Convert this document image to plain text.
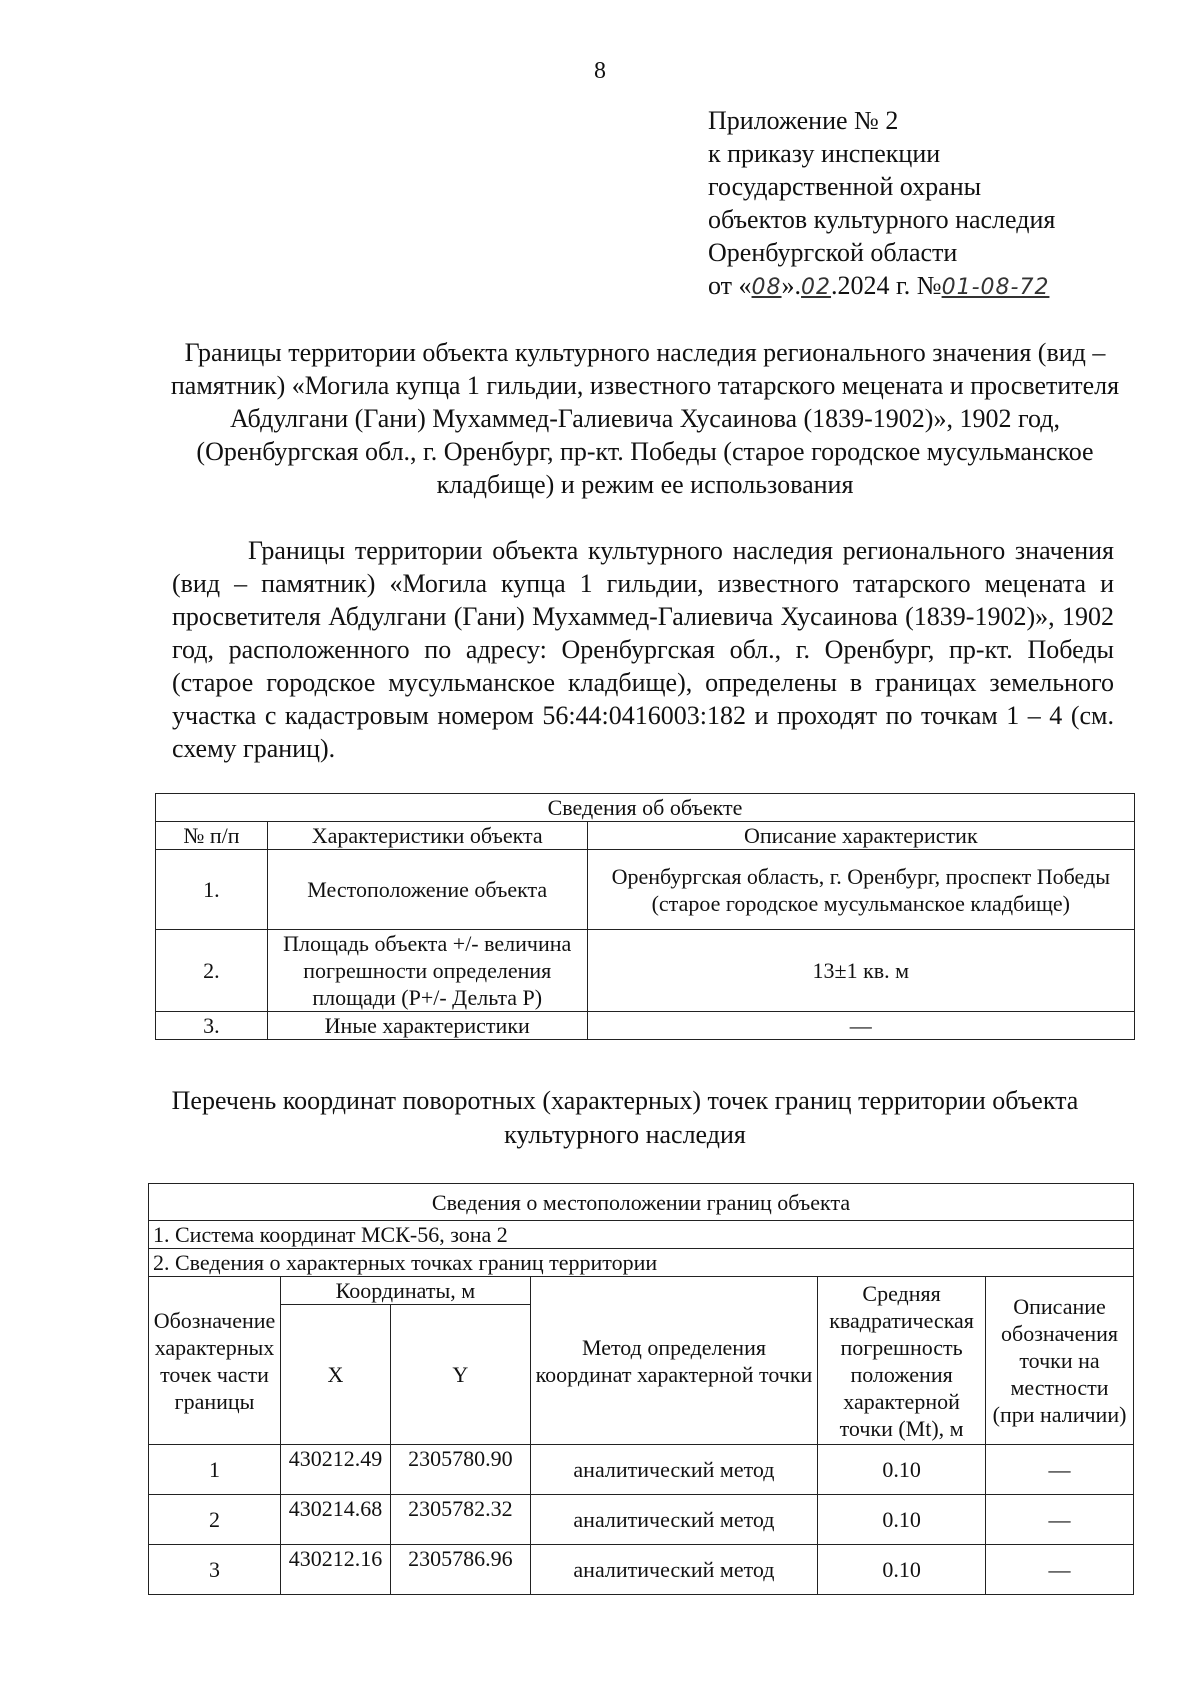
8
Приложение № 2
к приказу инспекции
государственной охраны
объектов культурного наследия
Оренбургской области
от «08».02.2024 г. №01-08-72
Границы территории объекта культурного наследия регионального значения (вид – памятник) «Могила купца 1 гильдии, известного татарского мецената и просветителя Абдулгани (Гани) Мухаммед-Галиевича Хусаинова (1839-1902)», 1902 год, (Оренбургская обл., г. Оренбург, пр-кт. Победы (старое городское мусульманское кладбище) и режим ее использования
Границы территории объекта культурного наследия регионального значения (вид – памятник) «Могила купца 1 гильдии, известного татарского мецената и просветителя Абдулгани (Гани) Мухаммед-Галиевича Хусаинова (1839-1902)», 1902 год, расположенного по адресу: Оренбургская обл., г. Оренбург, пр-кт. Победы (старое городское мусульманское кладбище), определены в границах земельного участка с кадастровым номером 56:44:0416003:182 и проходят по точкам 1 – 4 (см. схему границ).
Сведения об объекте		
№ п/п	Характеристики объекта	Описание характеристик
1.	Местоположение объекта	Оренбургская область, г. Оренбург, проспект Победы (старое городское мусульманское кладбище)
2.	Площадь объекта +/- величина погрешности определения площади (P+/- Дельта P)	13±1 кв. м
3.	Иные характеристики	—
Перечень координат поворотных (характерных) точек границ территории объекта культурного наследия
Сведения о местоположении границ объекта					
1. Система координат МСК-56, зона 2					
2. Сведения о характерных точках границ территории					
Обозначение характерных точек части границы	Координаты, м		Метод определения координат характерной точки	Средняя квадратическая погрешность положения характерной точки (Mt), м	Описание обозначения точки на местности (при наличии)
	X	Y			
1	430212.49	2305780.90	аналитический метод	0.10	—
2	430214.68	2305782.32	аналитический метод	0.10	—
3	430212.16	2305786.96	аналитический метод	0.10	—
